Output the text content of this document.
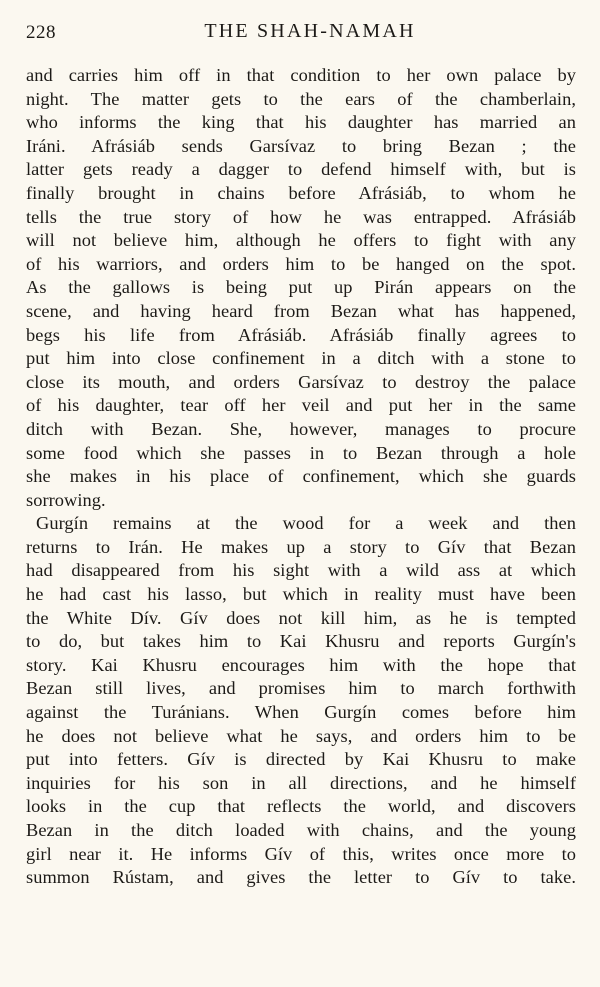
228	THE SHAH-NAMAH
and carries him off in that condition to her own palace by
night. The matter gets to the ears of the chamberlain,
who informs the king that his daughter has married an
Iráni. Afrásiáb sends Garsívaz to bring Bezan ; the
latter gets ready a dagger to defend himself with, but is
finally brought in chains before Afrásiáb, to whom he
tells the true story of how he was entrapped. Afrásiáb
will not believe him, although he offers to fight with any
of his warriors, and orders him to be hanged on the spot.
As the gallows is being put up Pirán appears on the
scene, and having heard from Bezan what has happened,
begs his life from Afrásiáb. Afrásiáb finally agrees to
put him into close confinement in a ditch with a stone to
close its mouth, and orders Garsívaz to destroy the palace
of his daughter, tear off her veil and put her in the same
ditch with Bezan. She, however, manages to procure
some food which she passes in to Bezan through a hole
she makes in his place of confinement, which she guards
sorrowing.
Gurgín remains at the wood for a week and then
returns to Irán. He makes up a story to Gív that Bezan
had disappeared from his sight with a wild ass at which
he had cast his lasso, but which in reality must have been
the White Dív. Gív does not kill him, as he is tempted
to do, but takes him to Kai Khusru and reports Gurgín's
story. Kai Khusru encourages him with the hope that
Bezan still lives, and promises him to march forthwith
against the Turánians. When Gurgín comes before him
he does not believe what he says, and orders him to be
put into fetters. Gív is directed by Kai Khusru to make
inquiries for his son in all directions, and he himself
looks in the cup that reflects the world, and discovers
Bezan in the ditch loaded with chains, and the young
girl near it. He informs Gív of this, writes once more to
summon Rústam, and gives the letter to Gív to take.
